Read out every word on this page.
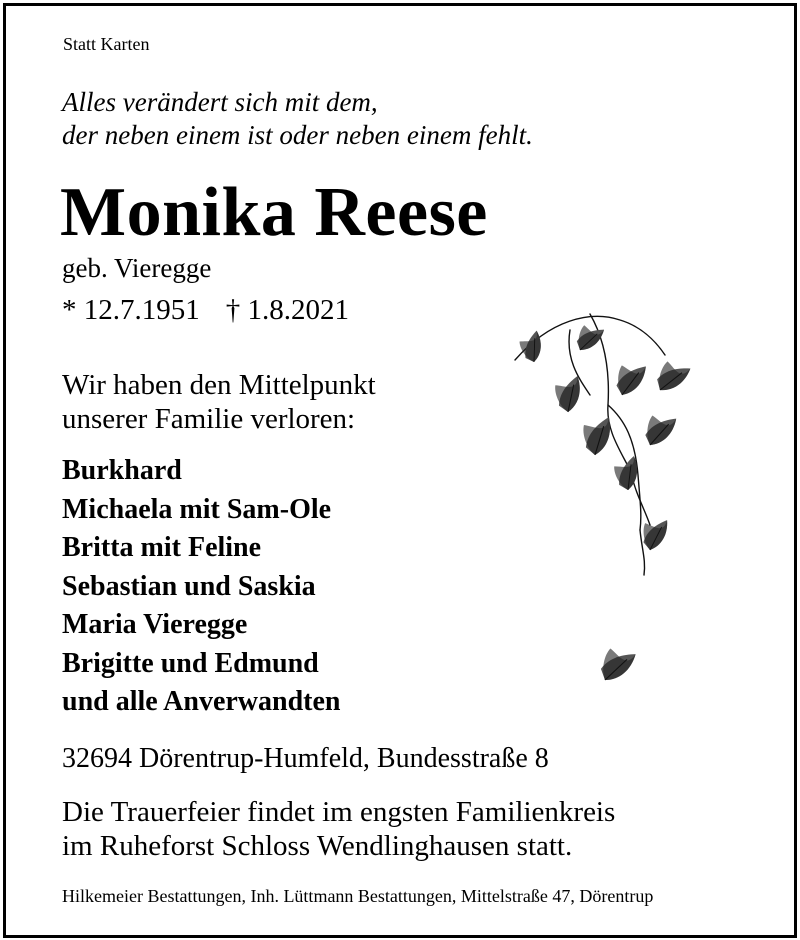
Statt Karten
Alles verändert sich mit dem,
der neben einem ist oder neben einem fehlt.
Monika Reese
geb. Vieregge
* 12.7.1951 † 1.8.2021
Wir haben den Mittelpunkt
unserer Familie verloren:
Burkhard
Michaela mit Sam-Ole
Britta mit Feline
Sebastian und Saskia
Maria Vieregge
Brigitte und Edmund
und alle Anverwandten
32694 Dörentrup-Humfeld, Bundesstraße 8
Die Trauerfeier findet im engsten Familienkreis
im Ruheforst Schloss Wendlinghausen statt.
Hilkemeier Bestattungen, Inh. Lüttmann Bestattungen, Mittelstraße 47, Dörentrup
